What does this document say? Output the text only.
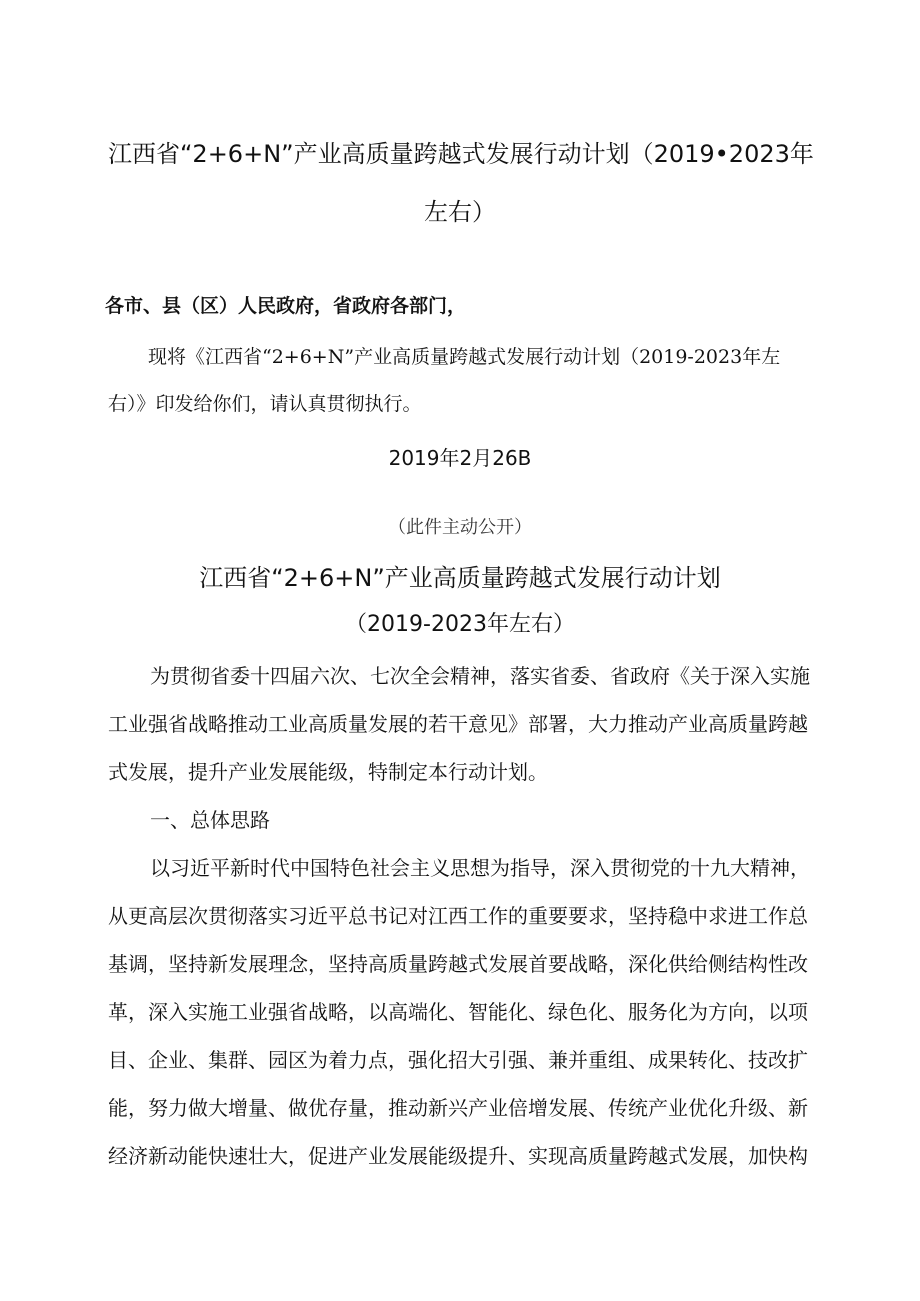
江西省“2+6+N”产业高质量跨越式发展行动计划（2019•2023年
左右）

各市、县（区）人民政府，省政府各部门，

现将《江西省“2+6+N”产业高质量跨越式发展行动计划（2019-2023年左

右）》印发给你们，请认真贯彻执行。

2019年2月26B

（此件主动公开）

江西省“2+6+N”产业高质量跨越式发展行动计划
（2019-2023年左右）

为贯彻省委十四届六次、七次全会精神，落实省委、省政府《关于深入实施

工业强省战略推动工业高质量发展的若干意见》部署，大力推动产业高质量跨越

式发展，提升产业发展能级，特制定本行动计划。

一、总体思路

以习近平新时代中国特色社会主义思想为指导，深入贯彻党的十九大精神，

从更高层次贯彻落实习近平总书记对江西工作的重要要求，坚持稳中求进工作总

基调，坚持新发展理念，坚持高质量跨越式发展首要战略，深化供给侧结构性改

革，深入实施工业强省战略，以高端化、智能化、绿色化、服务化为方向，以项

目、企业、集群、园区为着力点，强化招大引强、兼并重组、成果转化、技改扩

能，努力做大增量、做优存量，推动新兴产业倍增发展、传统产业优化升级、新

经济新动能快速壮大，促进产业发展能级提升、实现高质量跨越式发展，加快构
